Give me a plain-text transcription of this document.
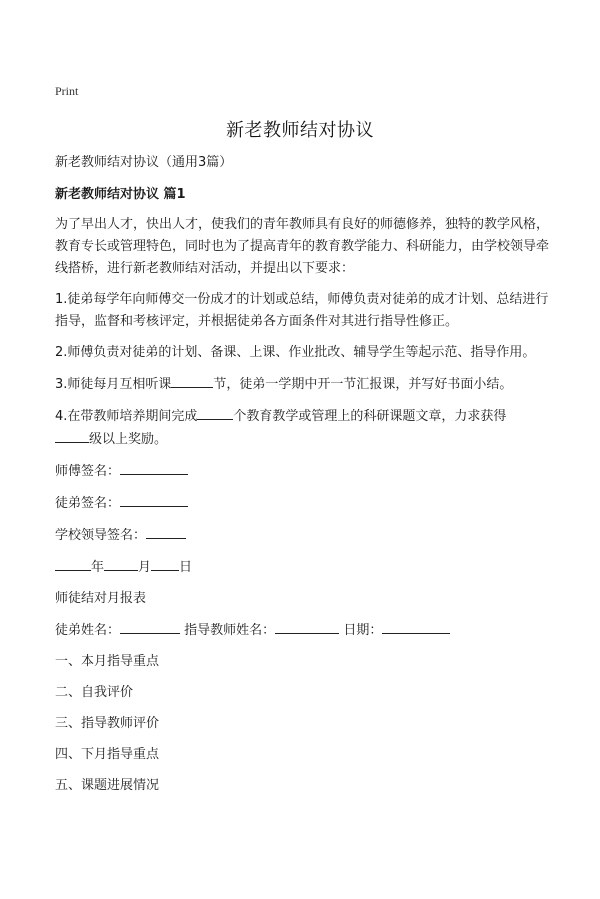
Print
新老教师结对协议
新老教师结对协议（通用3篇）
新老教师结对协议 篇1

为了早出人才，快出人才，使我们的青年教师具有良好的师德修养，独特的教学风格，教育专长或管理特色，同时也为了提高青年的教育教学能力、科研能力，由学校领导牵线搭桥，进行新老教师结对活动，并提出以下要求：

1.徒弟每学年向师傅交一份成才的计划或总结，师傅负责对徒弟的成才计划、总结进行指导，监督和考核评定，并根据徒弟各方面条件对其进行指导性修正。

2.师傅负责对徒弟的计划、备课、上课、作业批改、辅导学生等起示范、指导作用。

3.师徒每月互相听课	节，徒弟一学期中开一节汇报课，并写好书面小结。

4.在带教师培养期间完成	个教育教学或管理上的科研课题文章，力求获得
级以上奖励。

师傅签名：
徒弟签名：
学校领导签名：
年	月 日
师徒结对月报表
徒弟姓名：	指导教师姓名：	日期：
一、本月指导重点
二、自我评价
三、指导教师评价
四、下月指导重点
五、课题进展情况
